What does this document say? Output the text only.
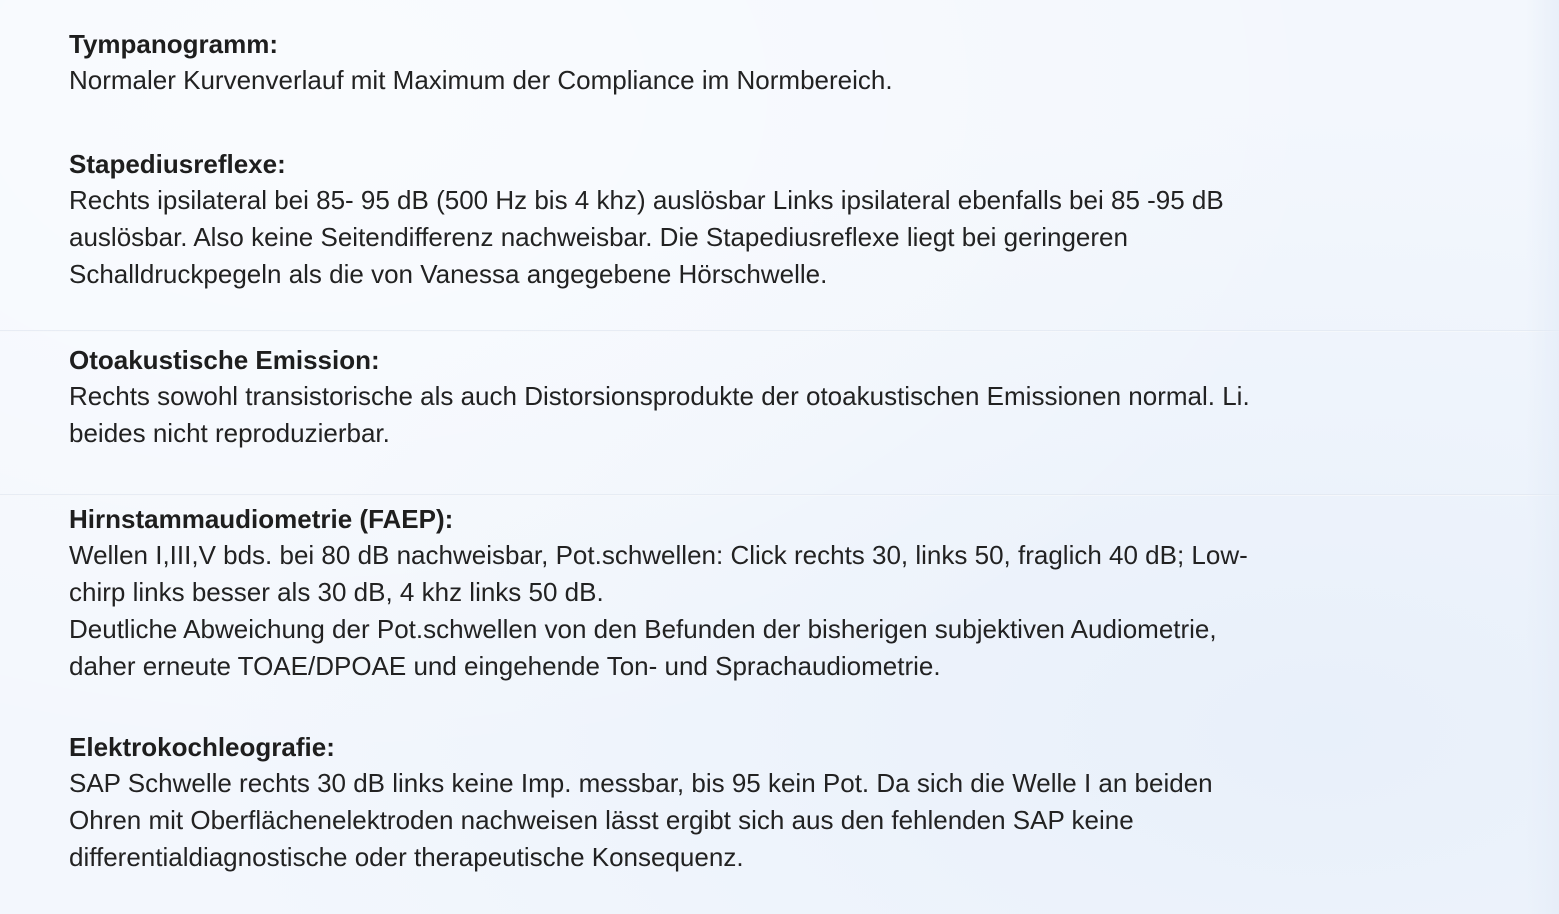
Tympanogramm:
Normaler Kurvenverlauf mit Maximum der Compliance im Normbereich.
Stapediusreflexe:
Rechts ipsilateral bei 85- 95 dB (500 Hz bis 4 khz) auslösbar Links ipsilateral ebenfalls bei 85 -95 dB
auslösbar. Also keine Seitendifferenz nachweisbar. Die Stapediusreflexe liegt bei geringeren
Schalldruckpegeln als die von Vanessa angegebene Hörschwelle.
Otoakustische Emission:
Rechts sowohl transistorische als auch Distorsionsprodukte der otoakustischen Emissionen normal. Li.
beides nicht reproduzierbar.
Hirnstammaudiometrie (FAEP):
Wellen I,III,V bds. bei 80 dB nachweisbar, Pot.schwellen: Click rechts 30, links 50, fraglich 40 dB; Low-
chirp links besser als 30 dB, 4 khz links 50 dB.
Deutliche Abweichung der Pot.schwellen von den Befunden der bisherigen subjektiven Audiometrie,
daher erneute TOAE/DPOAE und eingehende Ton- und Sprachaudiometrie.
Elektrokochleografie:
SAP Schwelle rechts 30 dB links keine Imp. messbar, bis 95 kein Pot. Da sich die Welle I an beiden
Ohren mit Oberflächenelektroden nachweisen lässt ergibt sich aus den fehlenden SAP keine
differentialdiagnostische oder therapeutische Konsequenz.
